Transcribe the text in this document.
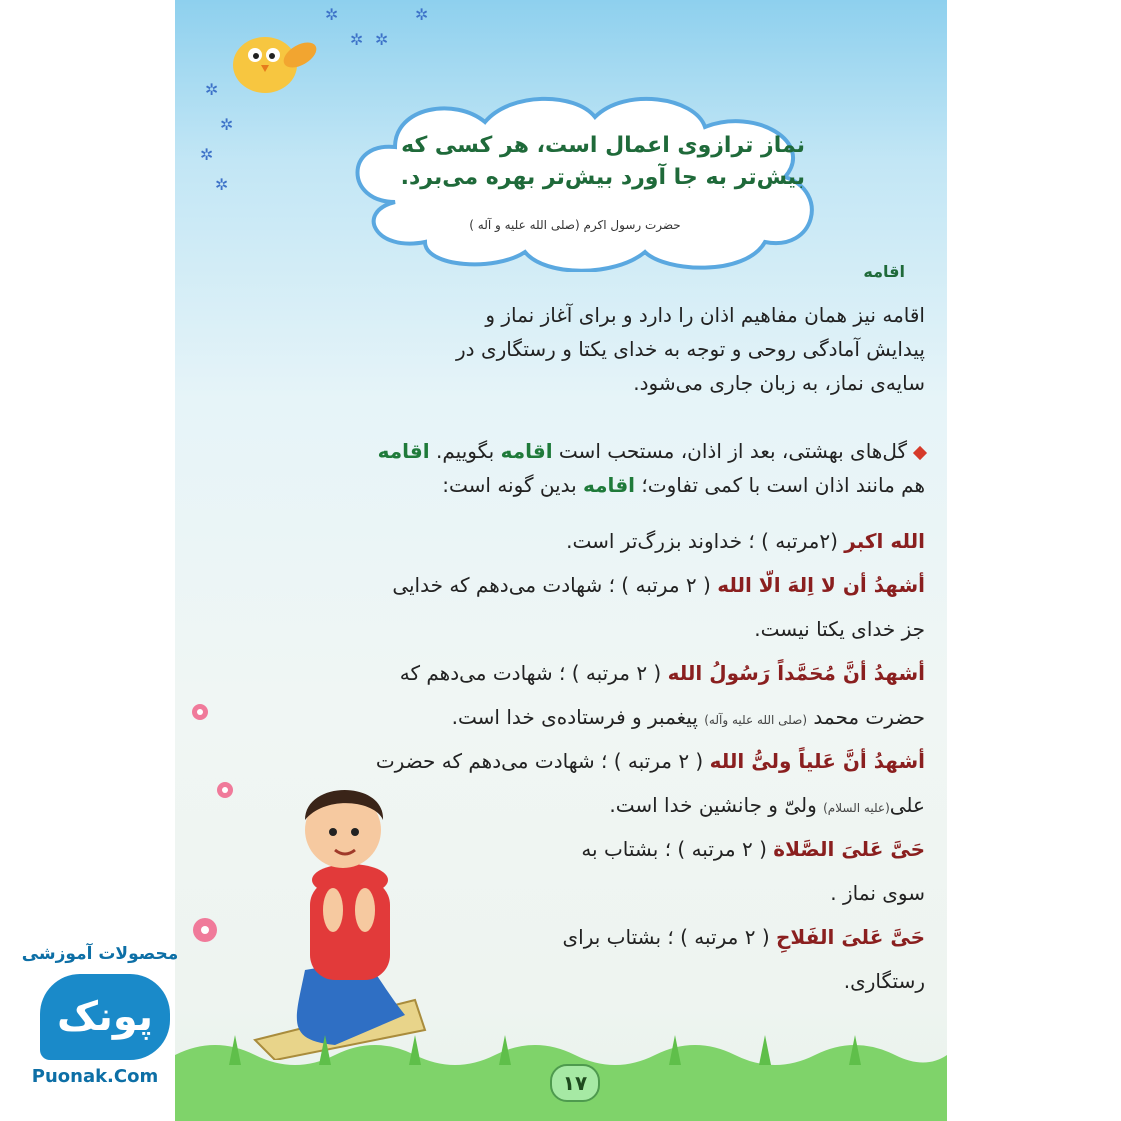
✲
✲
✲
✲
✲
✲
✲
✲
نماز ترازوی اعمال است، هر کسی که
بیش‌تر به جا آورد بیش‌تر بهره می‌برد.
حضرت رسول اکرم (صلی الله علیه و آله )
اقامه
اقامه نیز همان مفاهیم اذان را دارد و برای آغاز نماز و
پیدایش آمادگی روحی و توجه به خدای یکتا و رستگاری در
سایه‌ی نماز، به زبان جاری می‌شود.
گل‌های بهشتی، بعد از اذان، مستحب است اقامه بگوییم. اقامه
هم مانند اذان است با کمی تفاوت؛ اقامه بدین گونه است:
الله اکبر (۲مرتبه ) ؛ خداوند بزرگ‌تر است.
أشهدُ أن لا اِلهَ الّا الله ( ۲ مرتبه ) ؛ شهادت می‌دهم که خدایی
جز خدای یکتا نیست.
أشهدُ أنَّ مُحَمَّداً رَسُولُ الله ( ۲ مرتبه ) ؛ شهادت می‌دهم که
حضرت محمد (صلی الله علیه وآله) پیغمبر و فرستاده‌ی خدا است.
أشهدُ أنَّ عَلیاً ولیُّ الله ( ۲ مرتبه ) ؛ شهادت می‌دهم که حضرت
علی(علیه السلام) ولیّ و جانشین خدا است.
حَیَّ عَلیَ الصَّلاة ( ۲ مرتبه ) ؛ بشتاب به
سوی نماز .
حَیَّ عَلیَ الفَلاحِ ( ۲ مرتبه ) ؛ بشتاب برای
رستگاری.
۱۷
محصولات آموزشی
پونک
Puonak.Com
